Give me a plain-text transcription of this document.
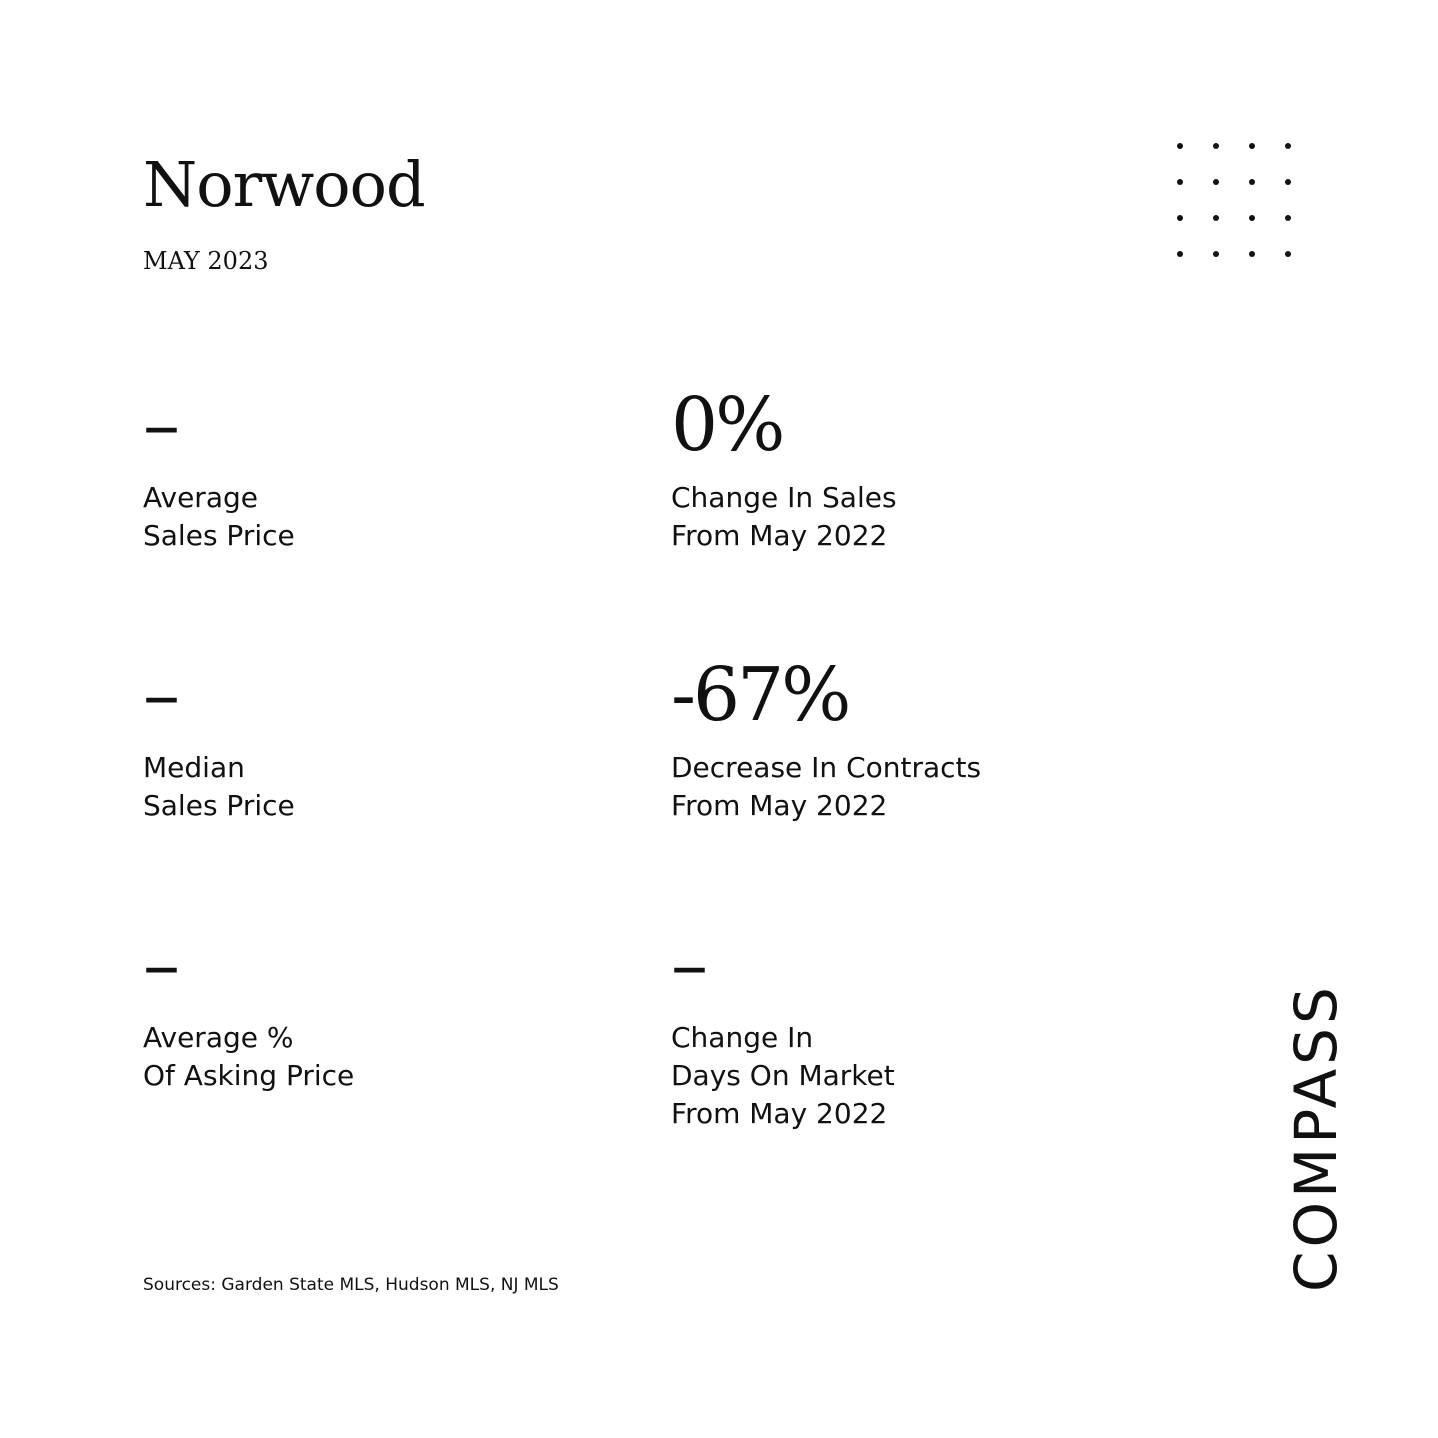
Norwood
MAY 2023
–
Average
Sales Price
0%
Change In Sales
From May 2022
–
Median
Sales Price
-67%
Decrease In Contracts
From May 2022
–
Average %
Of Asking Price
–
Change In
Days On Market
From May 2022
Sources: Garden State MLS, Hudson MLS, NJ MLS	COMPASS
